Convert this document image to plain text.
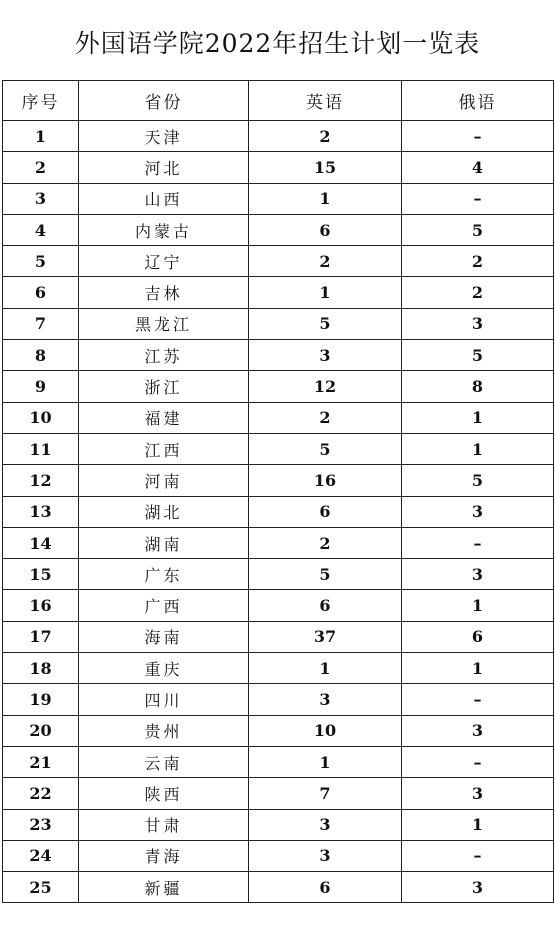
外国语学院2022年招生计划一览表
序号	省份	英语	俄语
1	天津	2	–
2	河北	15	4
3	山西	1	–
4	内蒙古	6	5
5	辽宁	2	2
6	吉林	1	2
7	黑龙江	5	3
8	江苏	3	5
9	浙江	12	8
10	福建	2	1
11	江西	5	1
12	河南	16	5
13	湖北	6	3
14	湖南	2	–
15	广东	5	3
16	广西	6	1
17	海南	37	6
18	重庆	1	1
19	四川	3	–
20	贵州	10	3
21	云南	1	–
22	陕西	7	3
23	甘肃	3	1
24	青海	3	–
25	新疆	6	3
